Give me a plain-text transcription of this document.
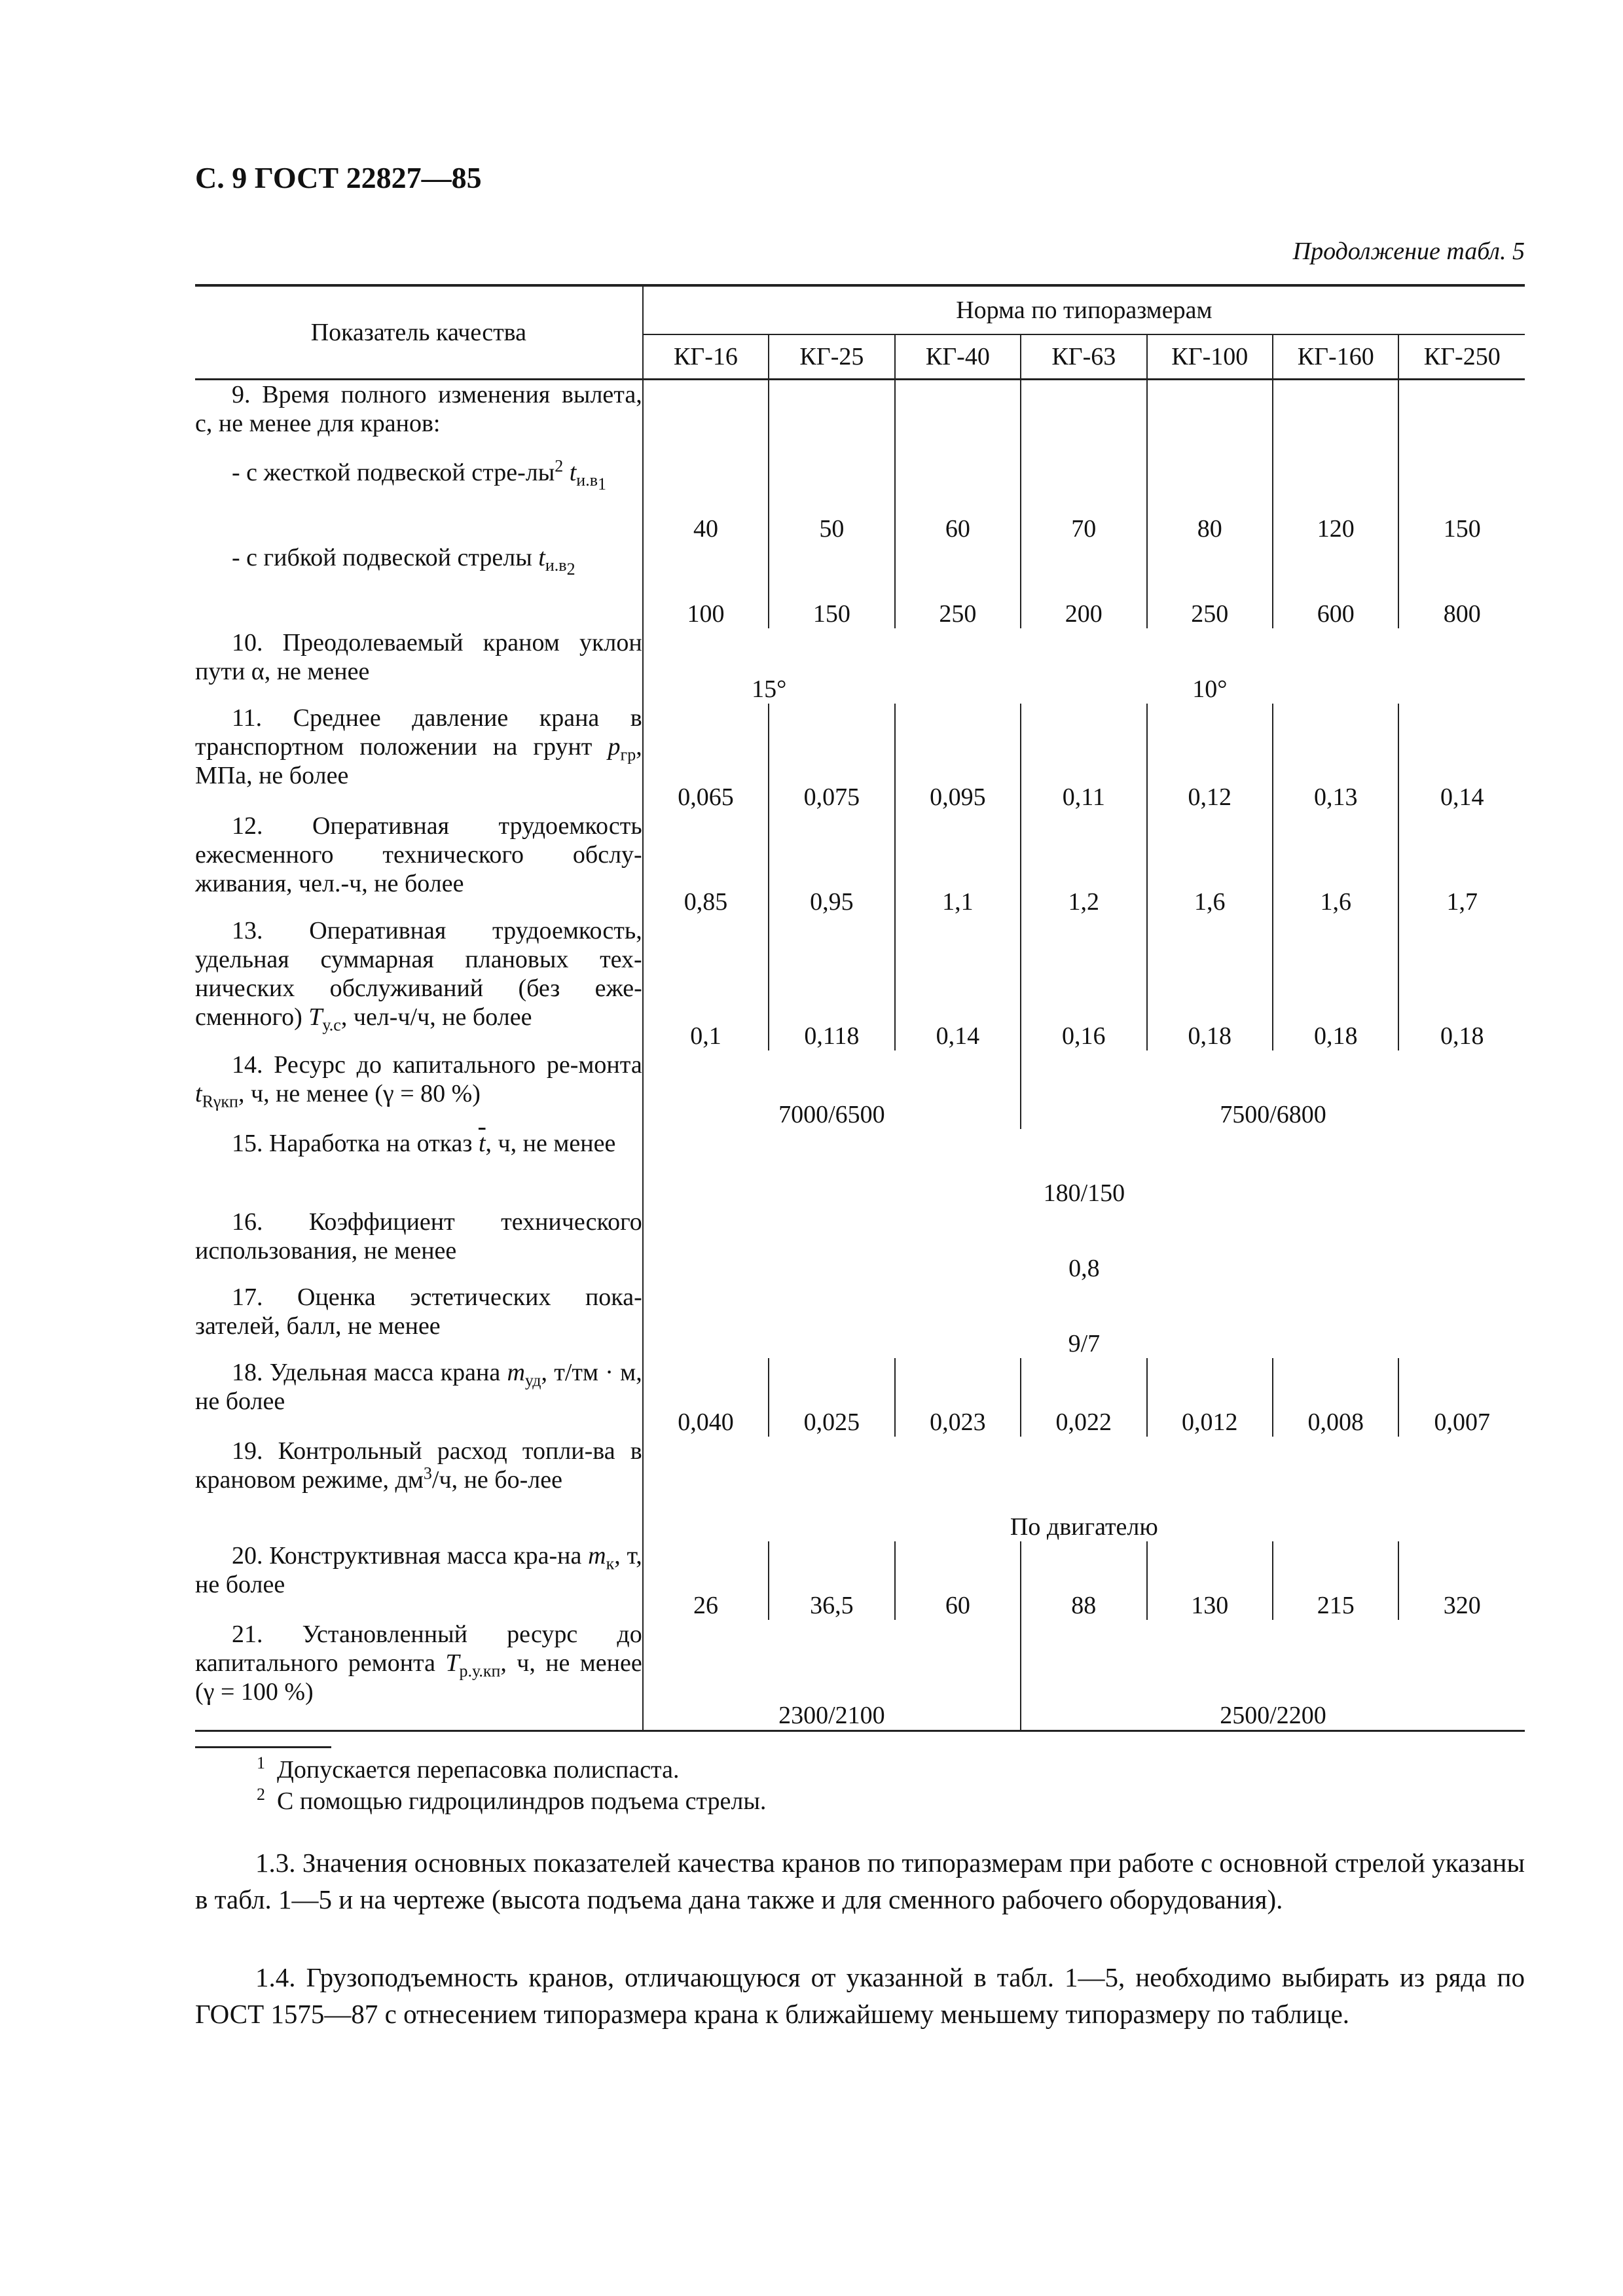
С. 9 ГОСТ 22827—85
Продолжение табл. 5
Показатель качества	Норма по типоразмерам						
	КГ-16	КГ-25	КГ-40	КГ-63	КГ-100	КГ-160	КГ-250
9. Время полного изменения вылета, с, не менее для кранов:							
- с жесткой подвеской стре-$лы^2$ $t_{и.в_1}$	40	50	60	70	80	120	150
- с гибкой подвеской стрелы $t_{и.в_2}$	100	150	250	200	250	600	800
10. Преодолеваемый краном уклон пути α, не менее	15°		10°				
11. Среднее давление крана в транспортном положении на грунт $p_{гр}$, МПа, не более	0,065	0,075	0,095	0,11	0,12	0,13	0,14
12. Оперативная трудоемкость ежесменного технического обслу-живания, чел.-ч, не более	0,85	0,95	1,1	1,2	1,6	1,6	1,7
13. Оперативная трудоемкость, удельная суммарная плановых тех-нических обслуживаний (без еже-сменного) $T_{у.с}$, чел-ч/ч, не более	0,1	0,118	0,14	0,16	0,18	0,18	0,18
14. Ресурс до капитального ре-монта $t_{R\gamma кп}$, ч, не менее (γ = 80 %)	7000/6500			7500/6800			
15. Наработка на отказ $\overline{t}$, ч, не менее	180/150						
16. Коэффициент технического использования, не менее	0,8						
17. Оценка эстетических пока-зателей, балл, не менее	9/7						
18. Удельная масса крана $m_{уд}$, т/тм · м, не более	0,040	0,025	0,023	0,022	0,012	0,008	0,007
19. Контрольный расход топли-ва в крановом режиме, $дм^3/ч$, не бо-лее	По двигателю						
20. Конструктивная масса кра-на $m_к$, т, не более	26	36,5	60	88	130	215	320
21. Установленный ресурс до капитального ремонта $T_{р.у.кп}$, ч, не менее (γ = 100 %)	2300/2100			2500/2200			
$^1$ Допускается перепасовка полиспаста.
$^2$ С помощью гидроцилиндров подъема стрелы.
1.3. Значения основных показателей качества кранов по типоразмерам при работе с основной стрелой указаны в табл. 1—5 и на чертеже (высота подъема дана также и для сменного рабочего оборудования).
1.4. Грузоподъемность кранов, отличающуюся от указанной в табл. 1—5, необходимо выбирать из ряда по ГОСТ 1575—87 с отнесением типоразмера крана к ближайшему меньшему типоразмеру по таблице.
